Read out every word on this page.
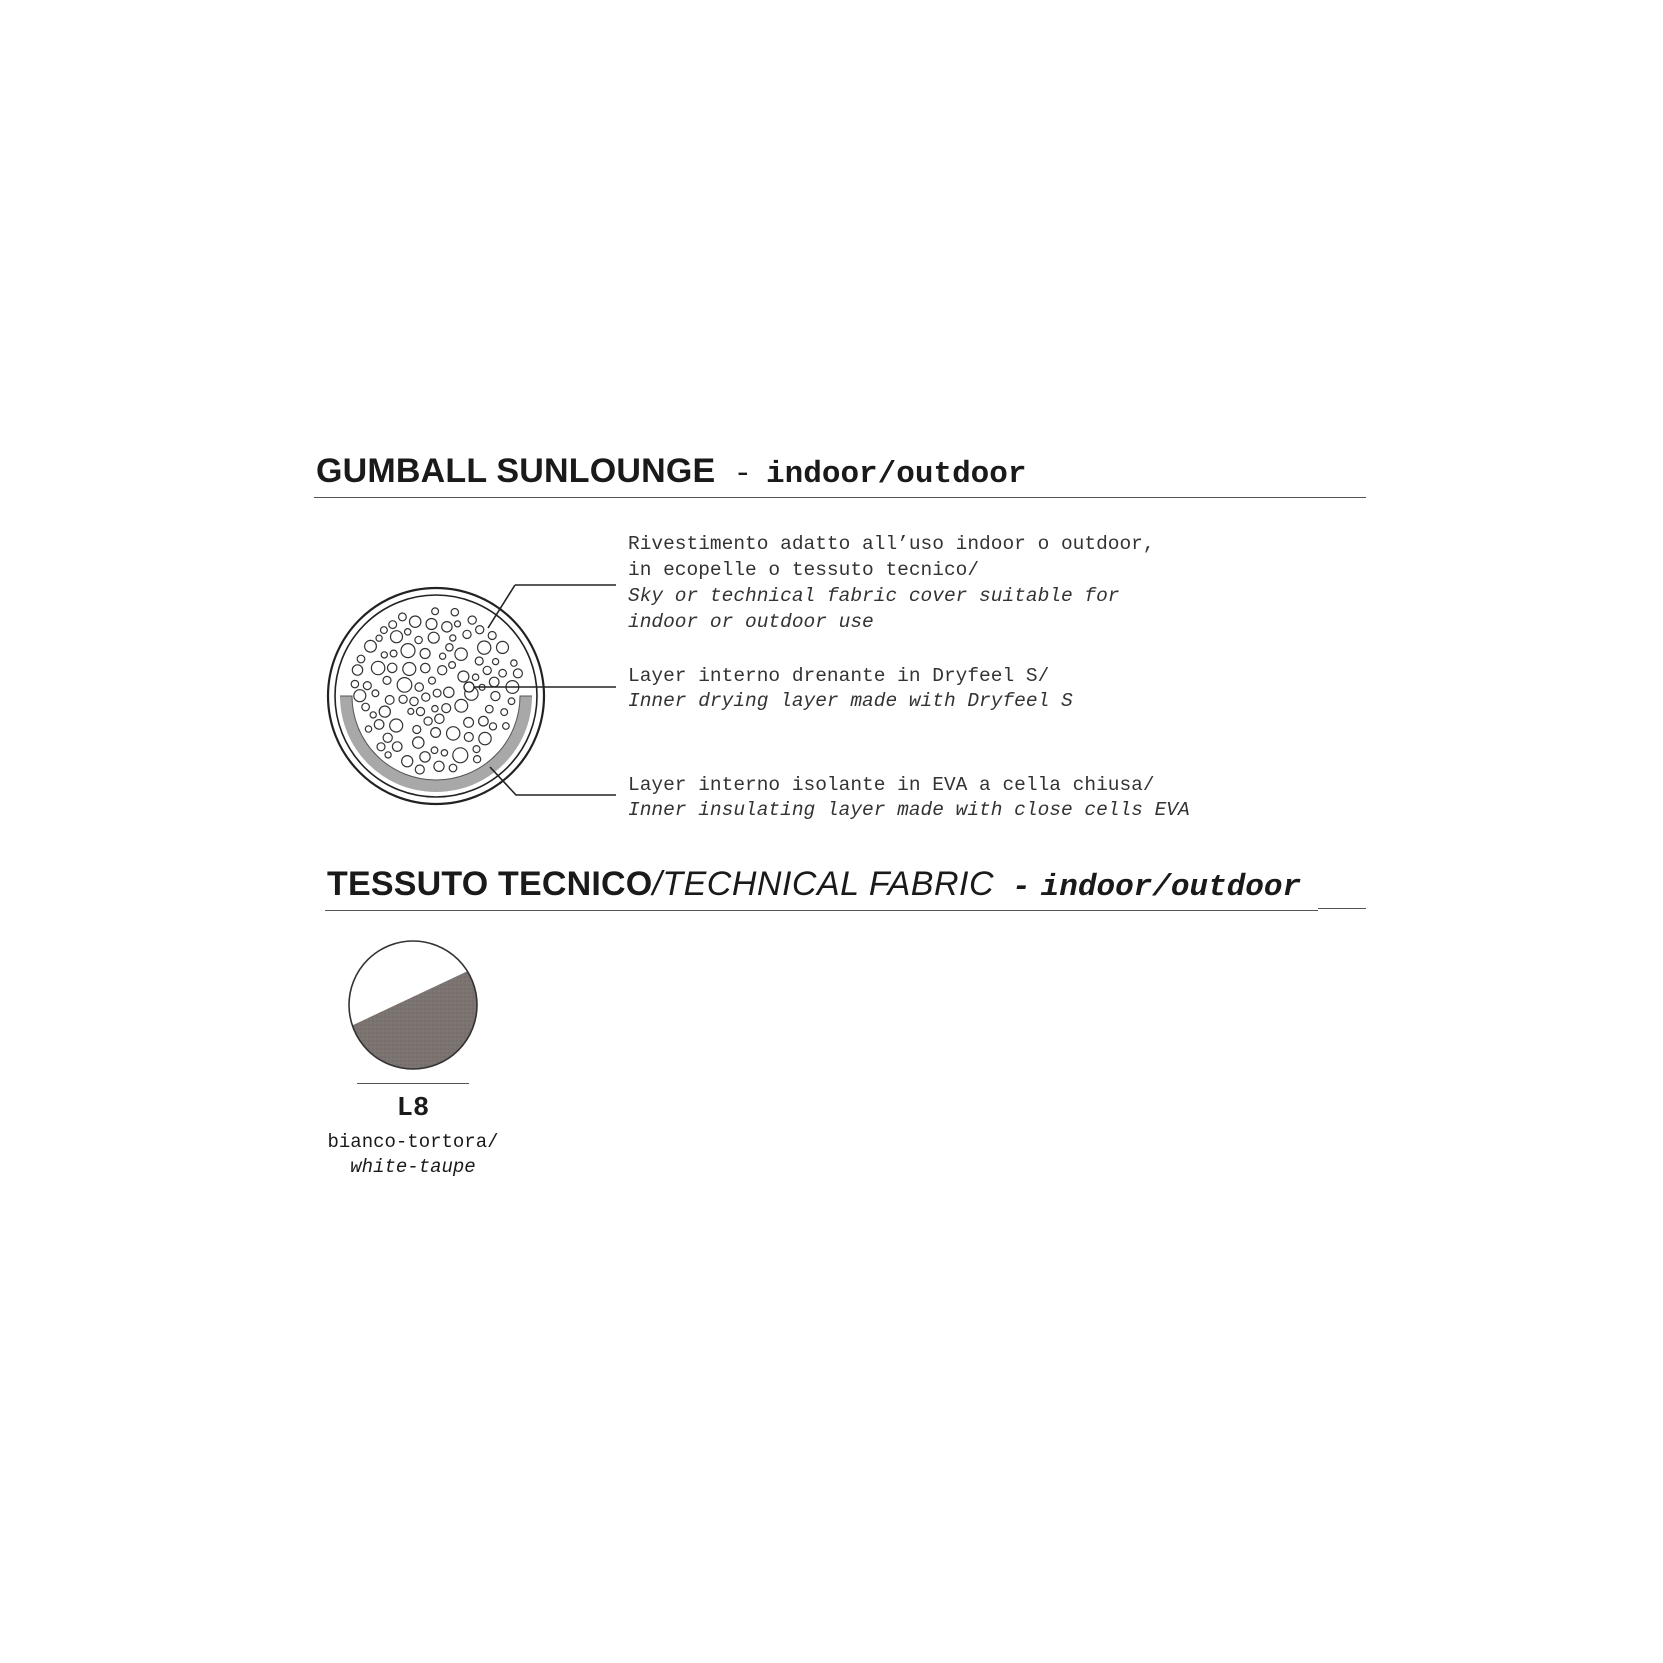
GUMBALL SUNLOUNGE - indoor/outdoor
Rivestimento adatto all’uso indoor o outdoor,
in ecopelle o tessuto tecnico/
Sky or technical fabric cover suitable for
indoor or outdoor use
Layer interno drenante in Dryfeel S/
Inner drying layer made with Dryfeel S
Layer interno isolante in EVA a cella chiusa/
Inner insulating layer made with close cells EVA
TESSUTO TECNICO/TECHNICAL FABRIC - indoor/outdoor
L8
bianco-tortora/
white-taupe
